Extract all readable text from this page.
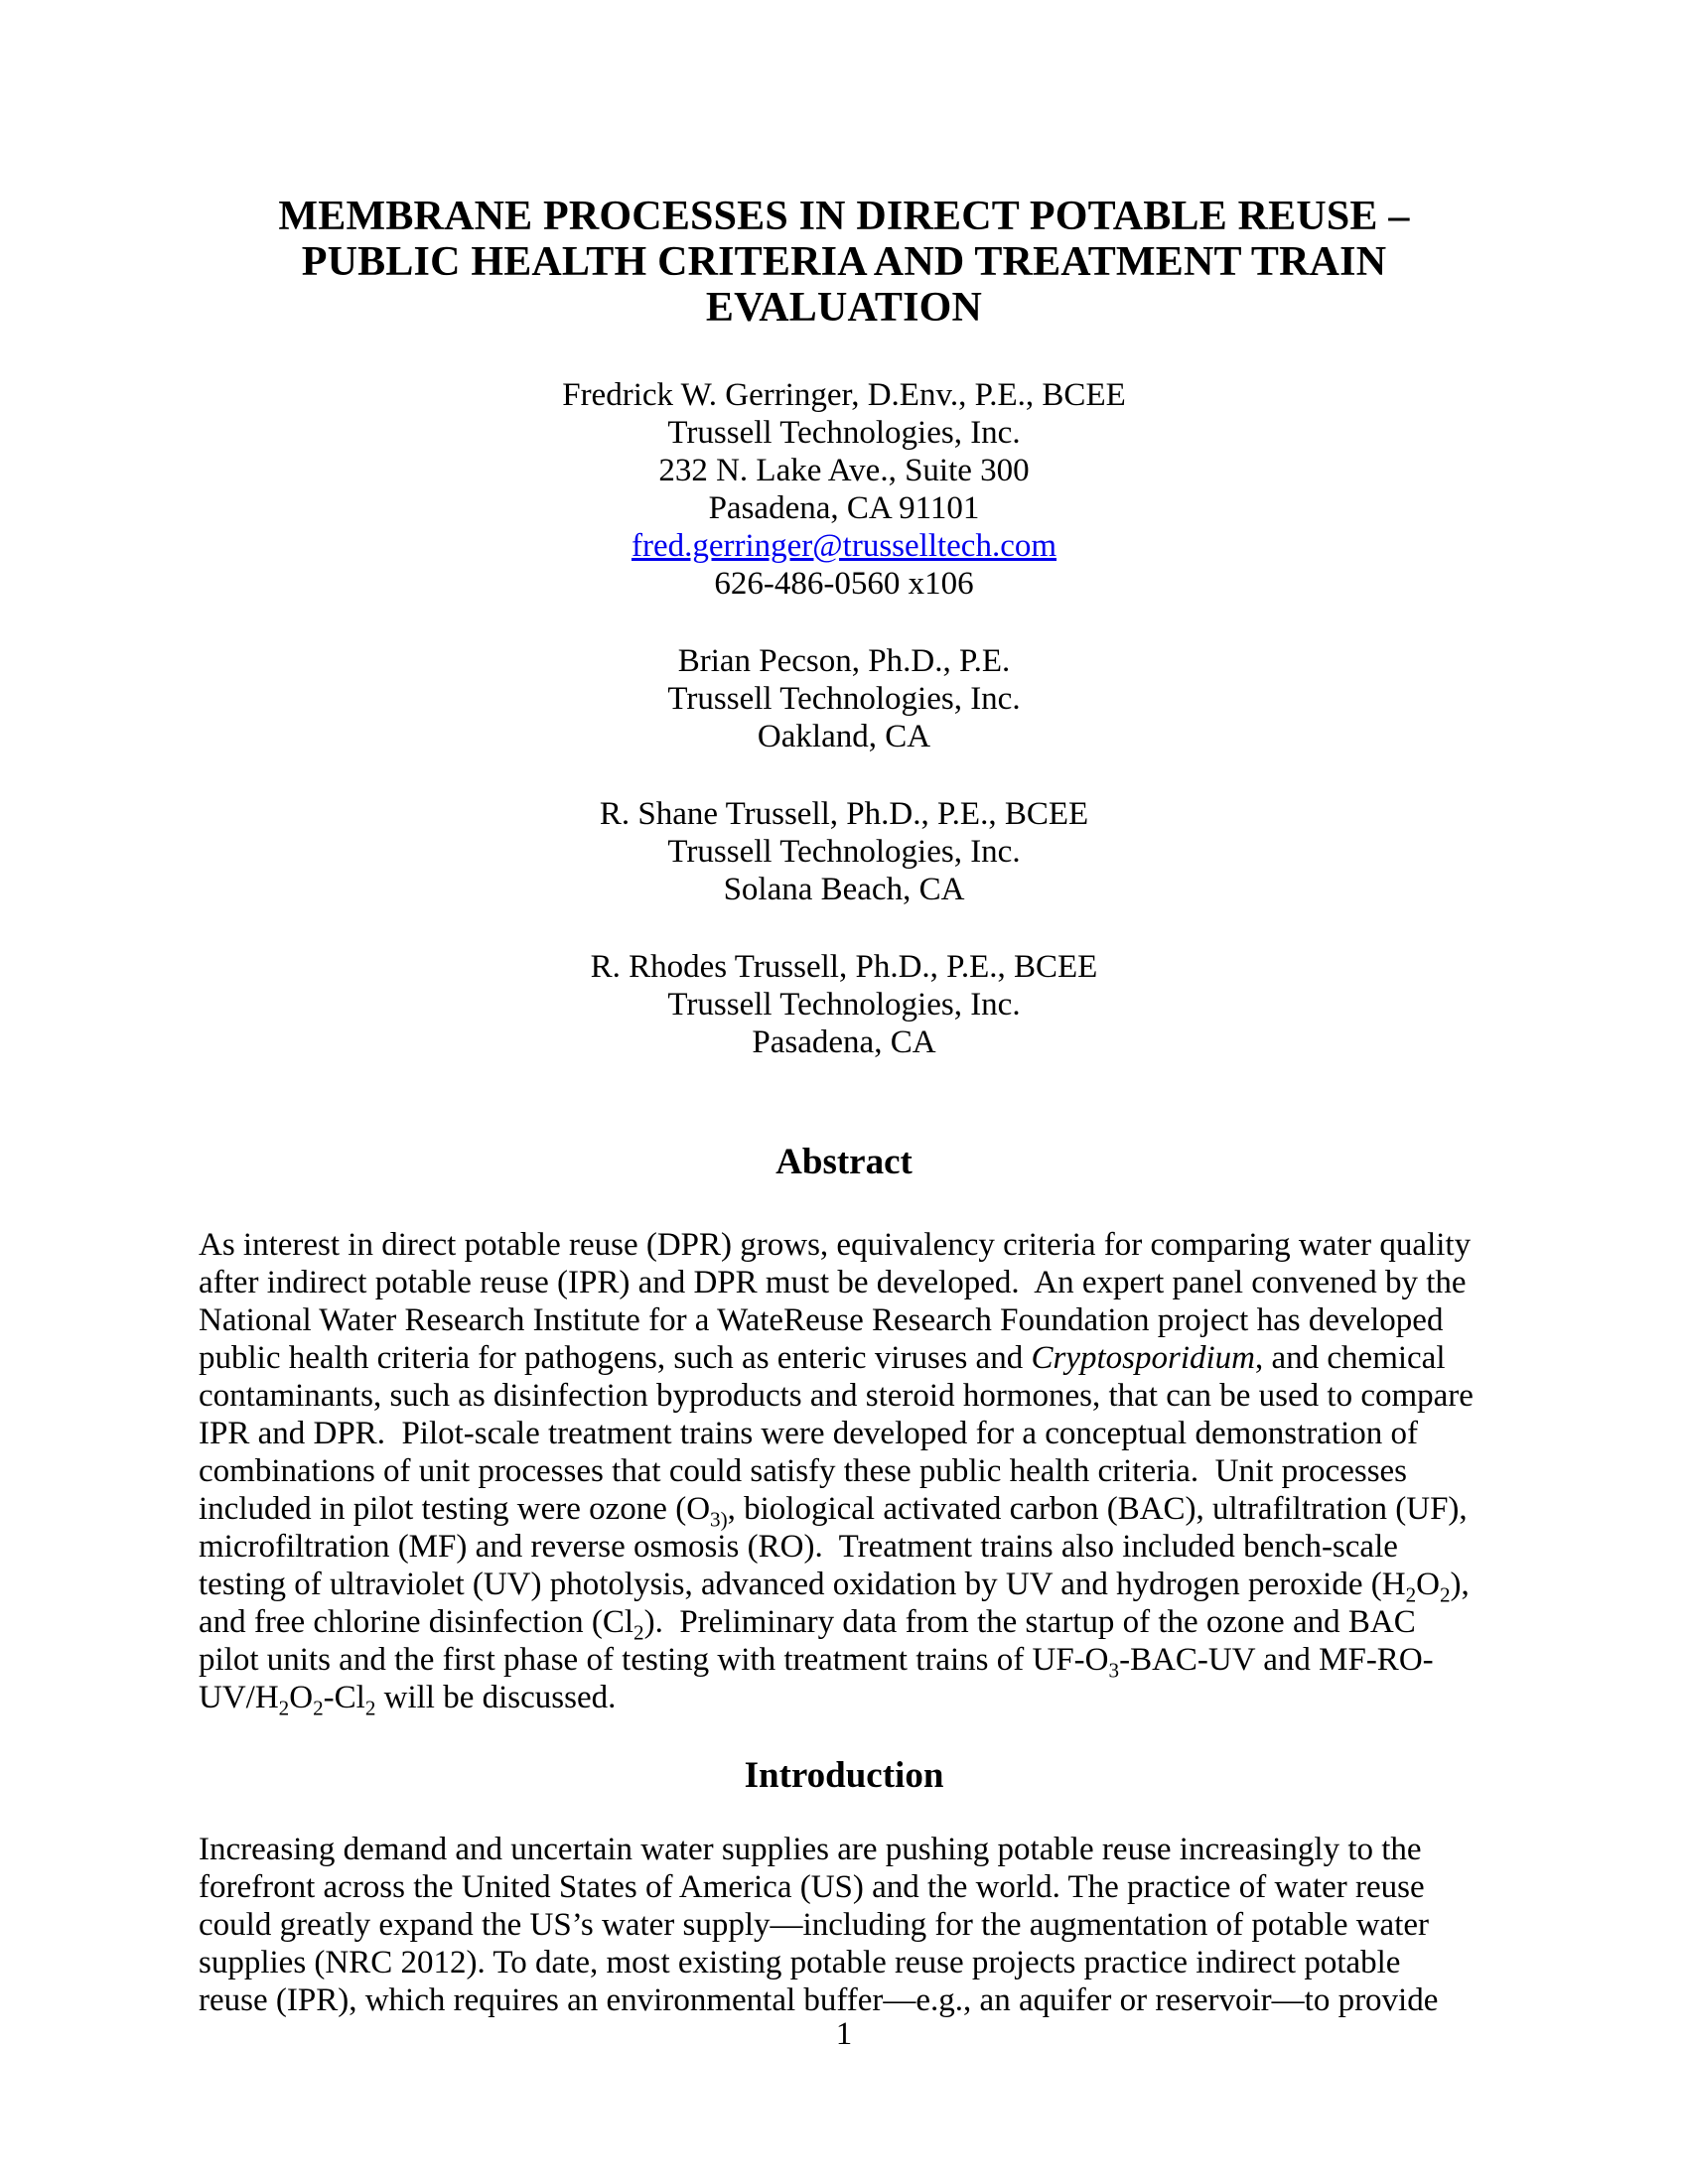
MEMBRANE PROCESSES IN DIRECT POTABLE REUSE –
PUBLIC HEALTH CRITERIA AND TREATMENT TRAIN EVALUATION
Fredrick W. Gerringer, D.Env., P.E., BCEE
Trussell Technologies, Inc.
232 N. Lake Ave., Suite 300
Pasadena, CA 91101
fred.gerringer@trusselltech.com
626-486-0560 x106
Brian Pecson, Ph.D., P.E.
Trussell Technologies, Inc.
Oakland, CA
R. Shane Trussell, Ph.D., P.E., BCEE
Trussell Technologies, Inc.
Solana Beach, CA
R. Rhodes Trussell, Ph.D., P.E., BCEE
Trussell Technologies, Inc.
Pasadena, CA
Abstract
As interest in direct potable reuse (DPR) grows, equivalency criteria for comparing water quality
after indirect potable reuse (IPR) and DPR must be developed.  An expert panel convened by the
National Water Research Institute for a WateReuse Research Foundation project has developed
public health criteria for pathogens, such as enteric viruses and Cryptosporidium, and chemical
contaminants, such as disinfection byproducts and steroid hormones, that can be used to compare
IPR and DPR.  Pilot-scale treatment trains were developed for a conceptual demonstration of
combinations of unit processes that could satisfy these public health criteria.  Unit processes
included in pilot testing were ozone ($O_{3)}$, biological activated carbon (BAC), ultrafiltration (UF),
microfiltration (MF) and reverse osmosis (RO).  Treatment trains also included bench-scale
testing of ultraviolet (UV) photolysis, advanced oxidation by UV and hydrogen peroxide $(H_2O_2)$,
and free chlorine disinfection $(Cl_2)$.  Preliminary data from the startup of the ozone and BAC
pilot units and the first phase of testing with treatment trains of $UF-O_3-BAC-UV$ and MF-RO-
$UV/H_2O_2-Cl_2$ will be discussed.
Introduction
Increasing demand and uncertain water supplies are pushing potable reuse increasingly to the
forefront across the United States of America (US) and the world. The practice of water reuse
could greatly expand the US’s water supply—including for the augmentation of potable water
supplies (NRC 2012). To date, most existing potable reuse projects practice indirect potable
reuse (IPR), which requires an environmental buffer—e.g., an aquifer or reservoir—to provide
1
